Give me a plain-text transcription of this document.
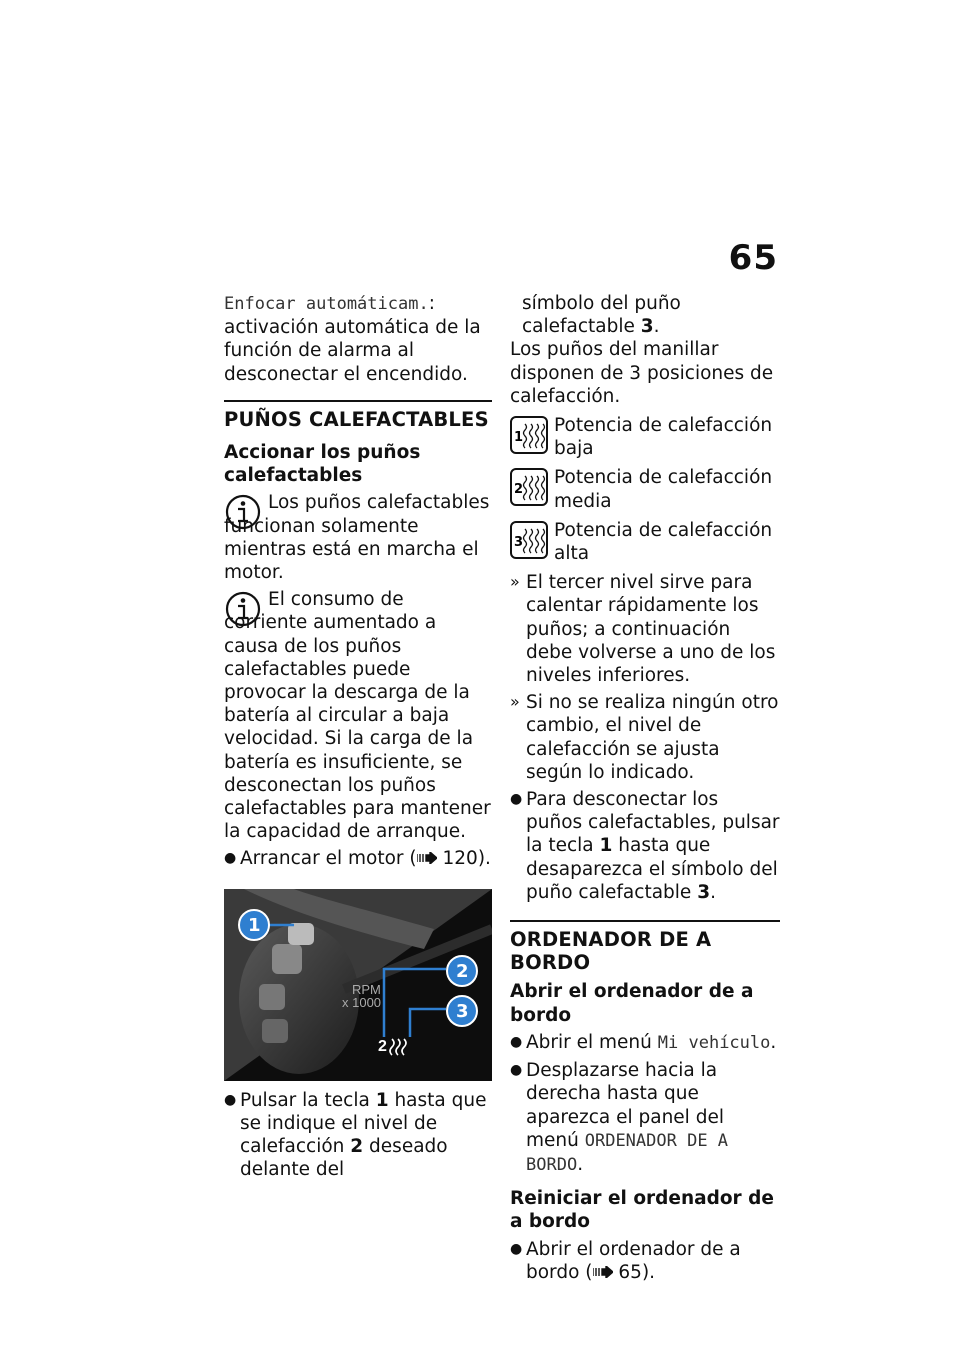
65

Enfocar automáticam.: activación automática de la función de alarma al desconectar el encendido.

PUÑOS CALEFACTABLES
Accionar los puños calefactables

Los puños calefactables funcionan solamente mientras está en marcha el motor.

El consumo de corriente aumentado a causa de los puños calefactables puede provocar la descarga de la batería al circular a baja velocidad. Si la carga de la batería es insuficiente, se desconectan los puños calefactables para mantener la capacidad de arranque.

● Arrancar el motor ( 120).
RPM
x 1000
2
1
2
3
● Pulsar la tecla 1 hasta que se indique el nivel de calefacción 2 deseado delante del

símbolo del puño calefactable 3.

Los puños del manillar disponen de 3 posiciones de calefacción.

1

Potencia de calefacción baja

2

Potencia de calefacción media

3

Potencia de calefacción alta

» El tercer nivel sirve para calentar rápidamente los puños; a continuación debe volverse a uno de los niveles inferiores.
» Si no se realiza ningún otro cambio, el nivel de calefacción se ajusta según lo indicado.
● Para desconectar los puños calefactables, pulsar la tecla 1 hasta que desaparezca el símbolo del puño calefactable 3.
ORDENADOR DE A BORDO
Abrir el ordenador de a bordo
● Abrir el menú Mi vehículo.
● Desplazarse hacia la derecha hasta que aparezca el panel del menú ORDENADOR DE A BORDO.
Reiniciar el ordenador de a bordo
● Abrir el ordenador de a bordo ( 65).
